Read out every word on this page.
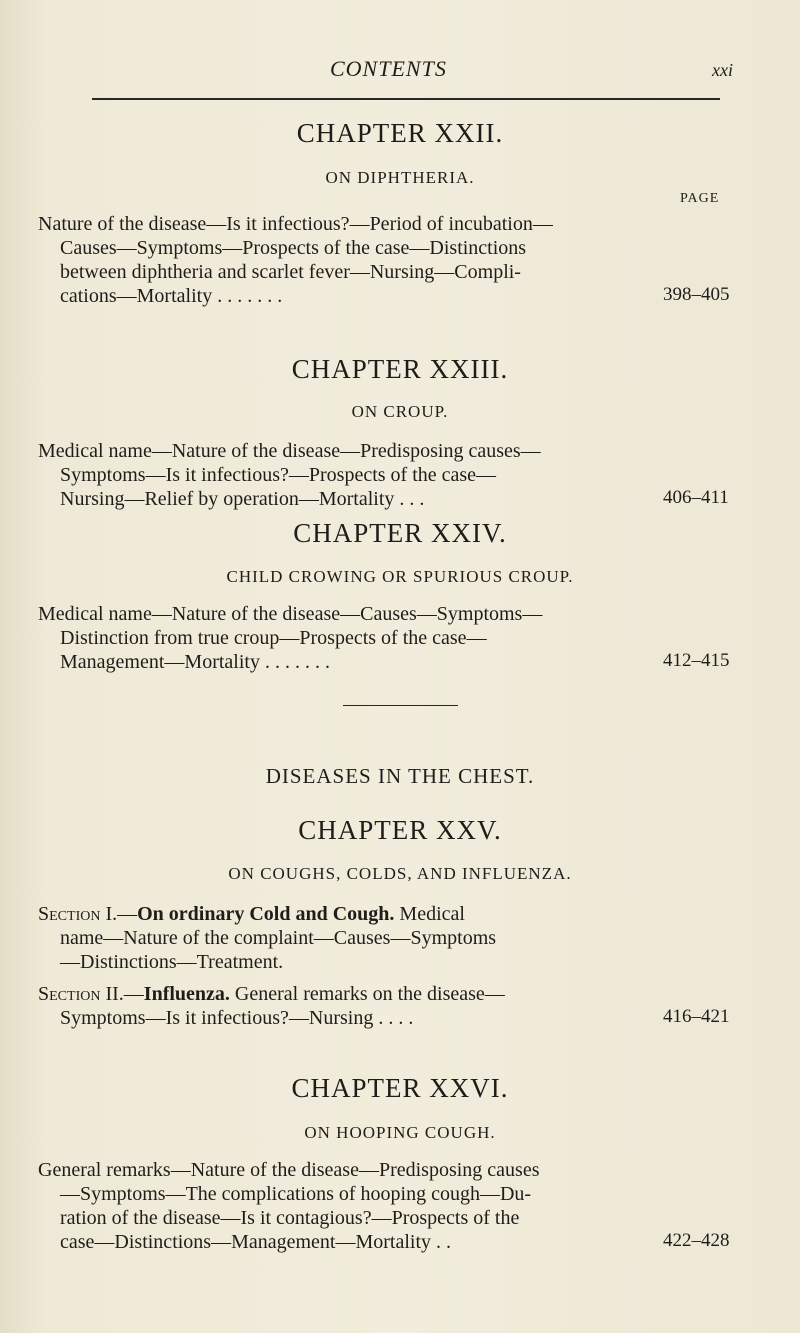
CONTENTS	xxi
CHAPTER XXII.
ON DIPHTHERIA.
PAGE
Nature of the disease—Is it infectious?—Period of incubation—
Causes—Symptoms—Prospects of the case—Distinctions
between diphtheria and scarlet fever—Nursing—Compli-
cations—Mortality . . . . . . .	398–405
CHAPTER XXIII.
ON CROUP.
Medical name—Nature of the disease—Predisposing causes—
Symptoms—Is it infectious?—Prospects of the case—
Nursing—Relief by operation—Mortality . . .	406–411
CHAPTER XXIV.
CHILD CROWING OR SPURIOUS CROUP.
Medical name—Nature of the disease—Causes—Symptoms—
Distinction from true croup—Prospects of the case—
Management—Mortality . . . . . . .	412–415
DISEASES IN THE CHEST.
CHAPTER XXV.
ON COUGHS, COLDS, AND INFLUENZA.
Section I.—On ordinary Cold and Cough. Medical
name—Nature of the complaint—Causes—Symptoms
—Distinctions—Treatment.
Section II.—Influenza. General remarks on the disease—
Symptoms—Is it infectious?—Nursing . . . .	416–421
CHAPTER XXVI.
ON HOOPING COUGH.
General remarks—Nature of the disease—Predisposing causes
—Symptoms—The complications of hooping cough—Du-
ration of the disease—Is it contagious?—Prospects of the
case—Distinctions—Management—Mortality . .	422–428
